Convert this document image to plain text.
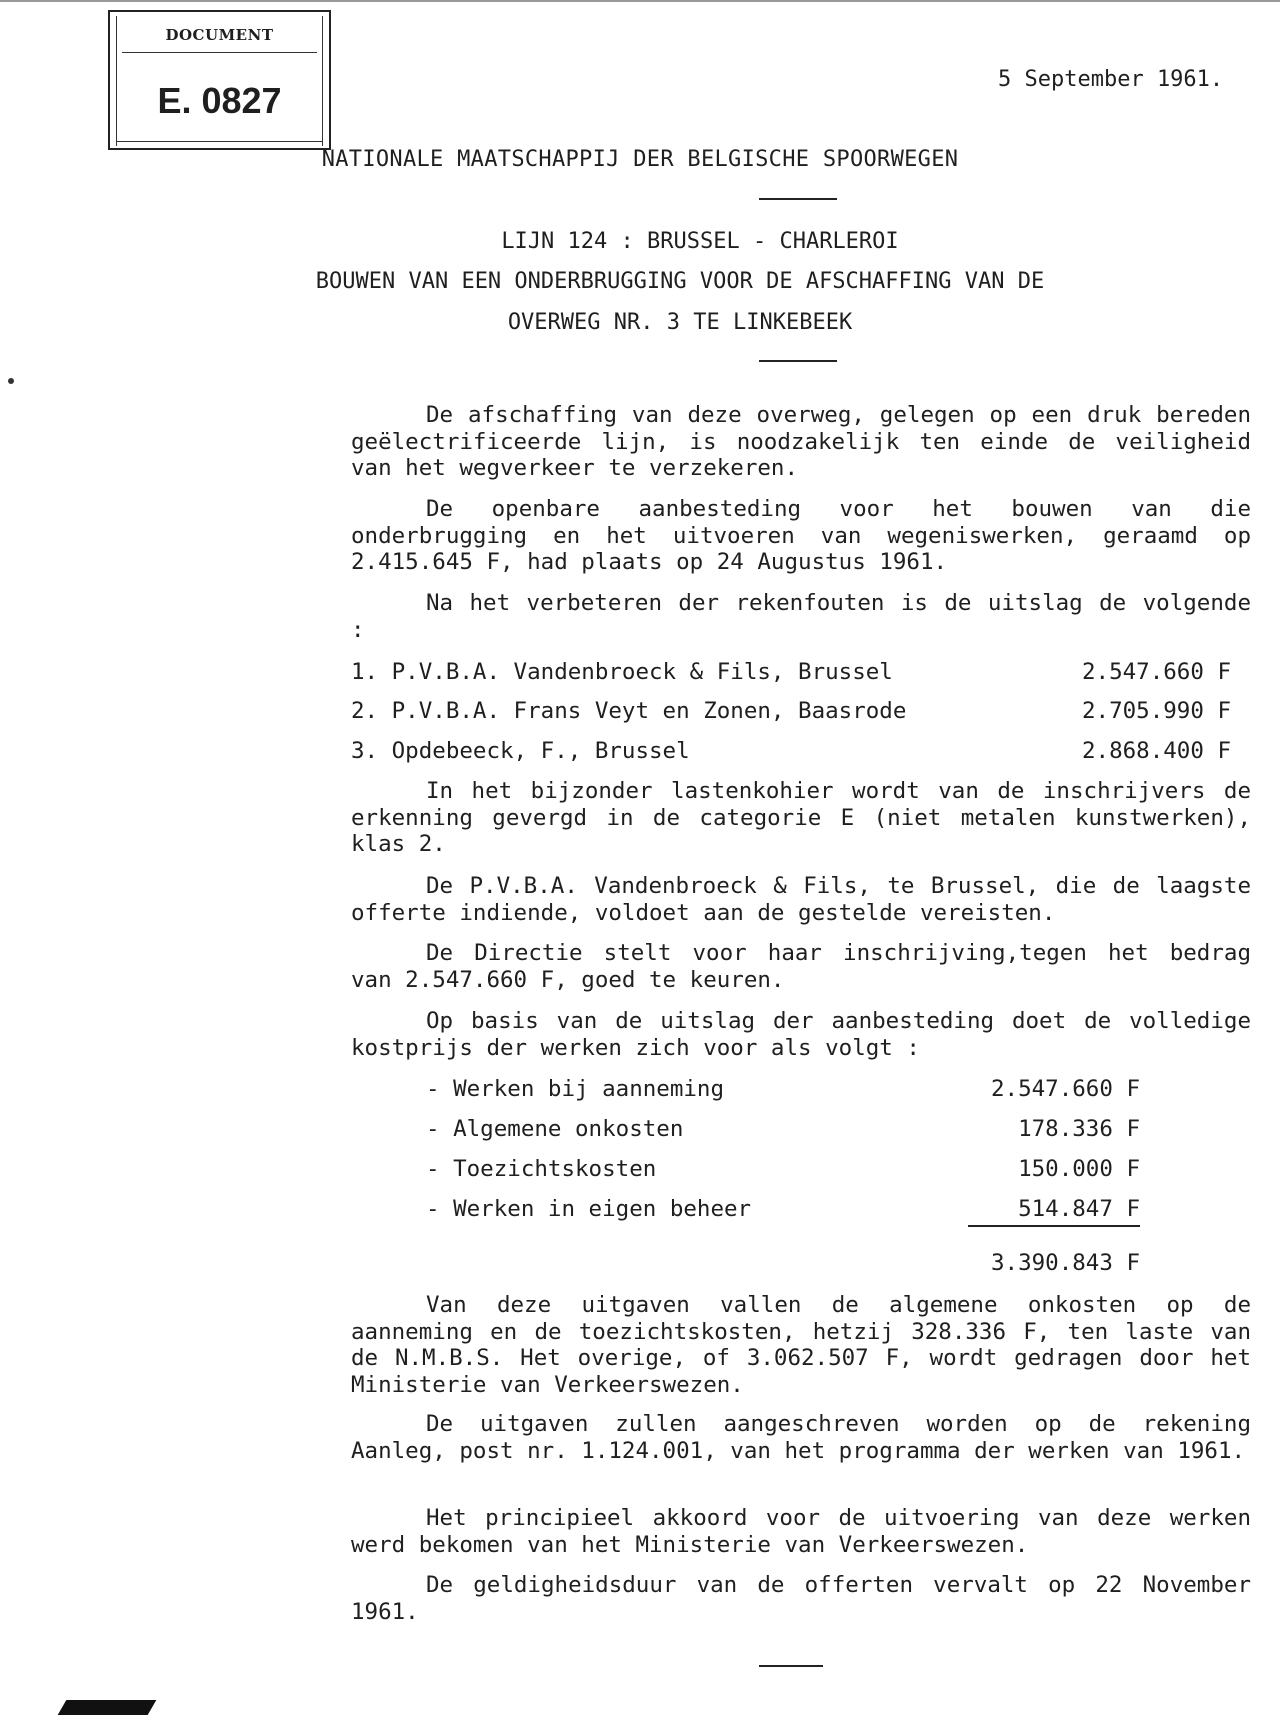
DOCUMENT
E. 0827
5 September 1961.
NATIONALE MAATSCHAPPIJ DER BELGISCHE SPOORWEGEN
LIJN 124 : BRUSSEL - CHARLEROI
BOUWEN VAN EEN ONDERBRUGGING VOOR DE AFSCHAFFING VAN DE
OVERWEG NR. 3 TE LINKEBEEK
De afschaffing van deze overweg, gelegen op een druk bereden geëlectrificeerde lijn, is noodzakelijk ten einde de veiligheid van het wegverkeer te verzekeren.
De openbare aanbesteding voor het bouwen van die onderbrugging en het uitvoeren van wegeniswerken, geraamd op 2.415.645 F, had plaats op 24 Augustus 1961.
Na het verbeteren der rekenfouten is de uitslag de volgende :
1. P.V.B.A. Vandenbroeck & Fils, Brussel	2.547.660 F
2. P.V.B.A. Frans Veyt en Zonen, Baasrode	2.705.990 F
3. Opdebeeck, F., Brussel	2.868.400 F
In het bijzonder lastenkohier wordt van de inschrijvers de erkenning gevergd in de categorie E (niet metalen kunstwerken), klas 2.
De P.V.B.A. Vandenbroeck & Fils, te Brussel, die de laagste offerte indiende, voldoet aan de gestelde vereisten.
De Directie stelt voor haar inschrijving,tegen het bedrag van 2.547.660 F, goed te keuren.
Op basis van de uitslag der aanbesteding doet de volledige kostprijs der werken zich voor als volgt :
- Werken bij aanneming	2.547.660 F
- Algemene onkosten	178.336 F
- Toezichtskosten	150.000 F
- Werken in eigen beheer	514.847 F
3.390.843 F
Van deze uitgaven vallen de algemene onkosten op de aanneming en de toezichtskosten, hetzij 328.336 F, ten laste van de N.M.B.S. Het overige, of 3.062.507 F, wordt gedragen door het Ministerie van Verkeerswezen.
De uitgaven zullen aangeschreven worden op de rekening Aanleg, post nr. 1.124.001, van het programma der werken van 1961.
Het principieel akkoord voor de uitvoering van deze werken werd bekomen van het Ministerie van Verkeerswezen.
De geldigheidsduur van de offerten vervalt op 22 November 1961.
